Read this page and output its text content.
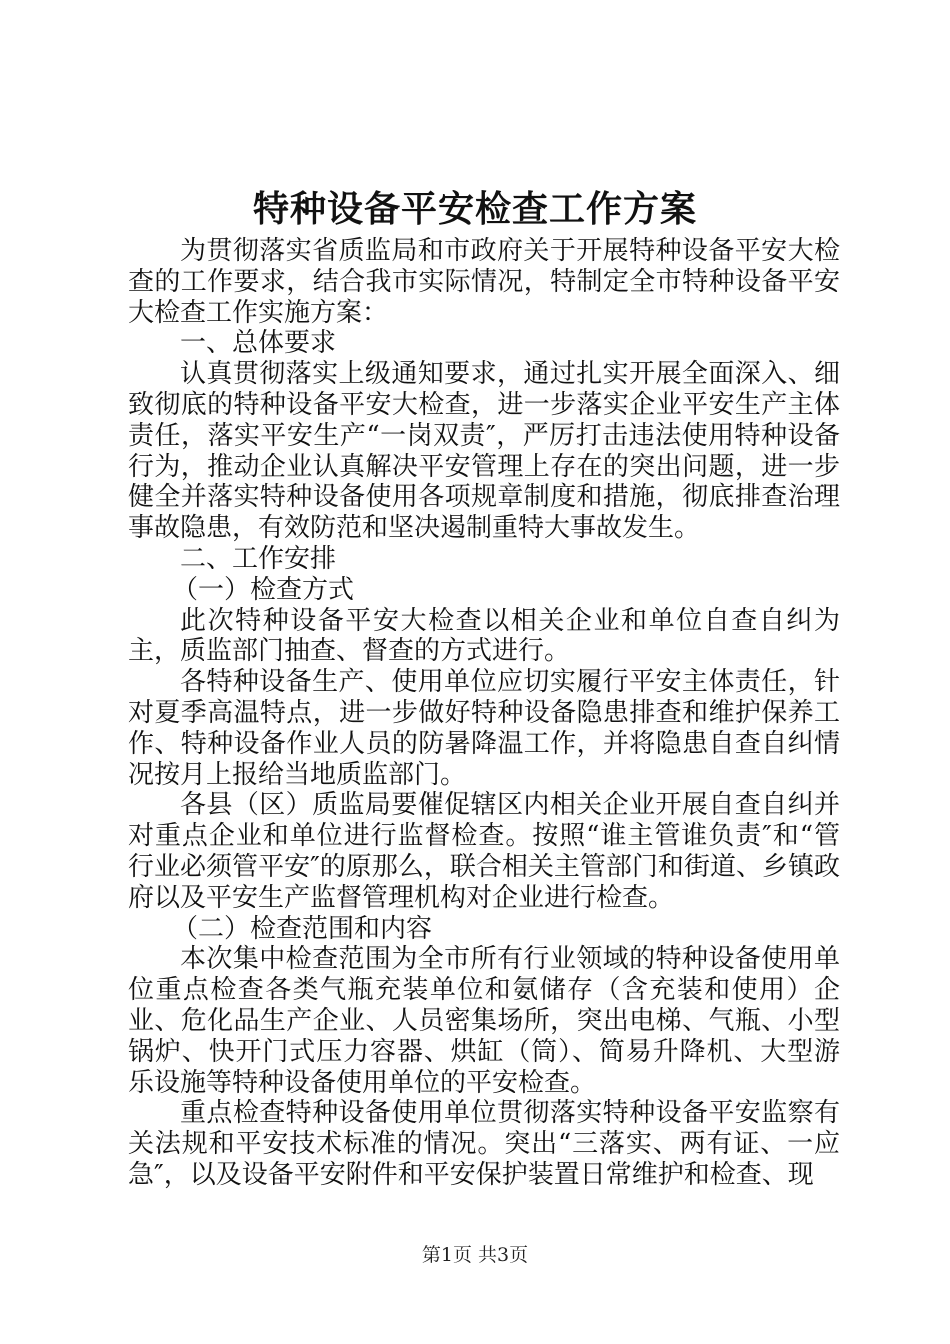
特种设备平安检查工作方案

为贯彻落实省质监局和市政府关于开展特种设备平安大检查的工作要求，结合我市实际情况，特制定全市特种设备平安大检查工作实施方案：

一、总体要求

认真贯彻落实上级通知要求，通过扎实开展全面深入、细致彻底的特种设备平安大检查，进一步落实企业平安生产主体责任，落实平安生产“一岗双责″，严厉打击违法使用特种设备行为，推动企业认真解决平安管理上存在的突出问题，进一步健全并落实特种设备使用各项规章制度和措施，彻底排查治理事故隐患，有效防范和坚决遏制重特大事故发生。

二、工作安排

（一）检查方式

此次特种设备平安大检查以相关企业和单位自查自纠为主，质监部门抽查、督查的方式进行。

各特种设备生产、使用单位应切实履行平安主体责任，针对夏季高温特点，进一步做好特种设备隐患排查和维护保养工作、特种设备作业人员的防暑降温工作，并将隐患自查自纠情况按月上报给当地质监部门。

各县（区）质监局要催促辖区内相关企业开展自查自纠并对重点企业和单位进行监督检查。按照“谁主管谁负责″和“管行业必须管平安″的原那么，联合相关主管部门和街道、乡镇政府以及平安生产监督管理机构对企业进行检查。

（二）检查范围和内容

本次集中检查范围为全市所有行业领域的特种设备使用单位重点检查各类气瓶充装单位和氨储存（含充装和使用）企业、危化品生产企业、人员密集场所，突出电梯、气瓶、小型锅炉、快开门式压力容器、烘缸（筒）、简易升降机、大型游乐设施等特种设备使用单位的平安检查。

重点检查特种设备使用单位贯彻落实特种设备平安监察有关法规和平安技术标准的情况。突出“三落实、两有证、一应急″，以及设备平安附件和平安保护装置日常维护和检查、现

第1页 共3页
